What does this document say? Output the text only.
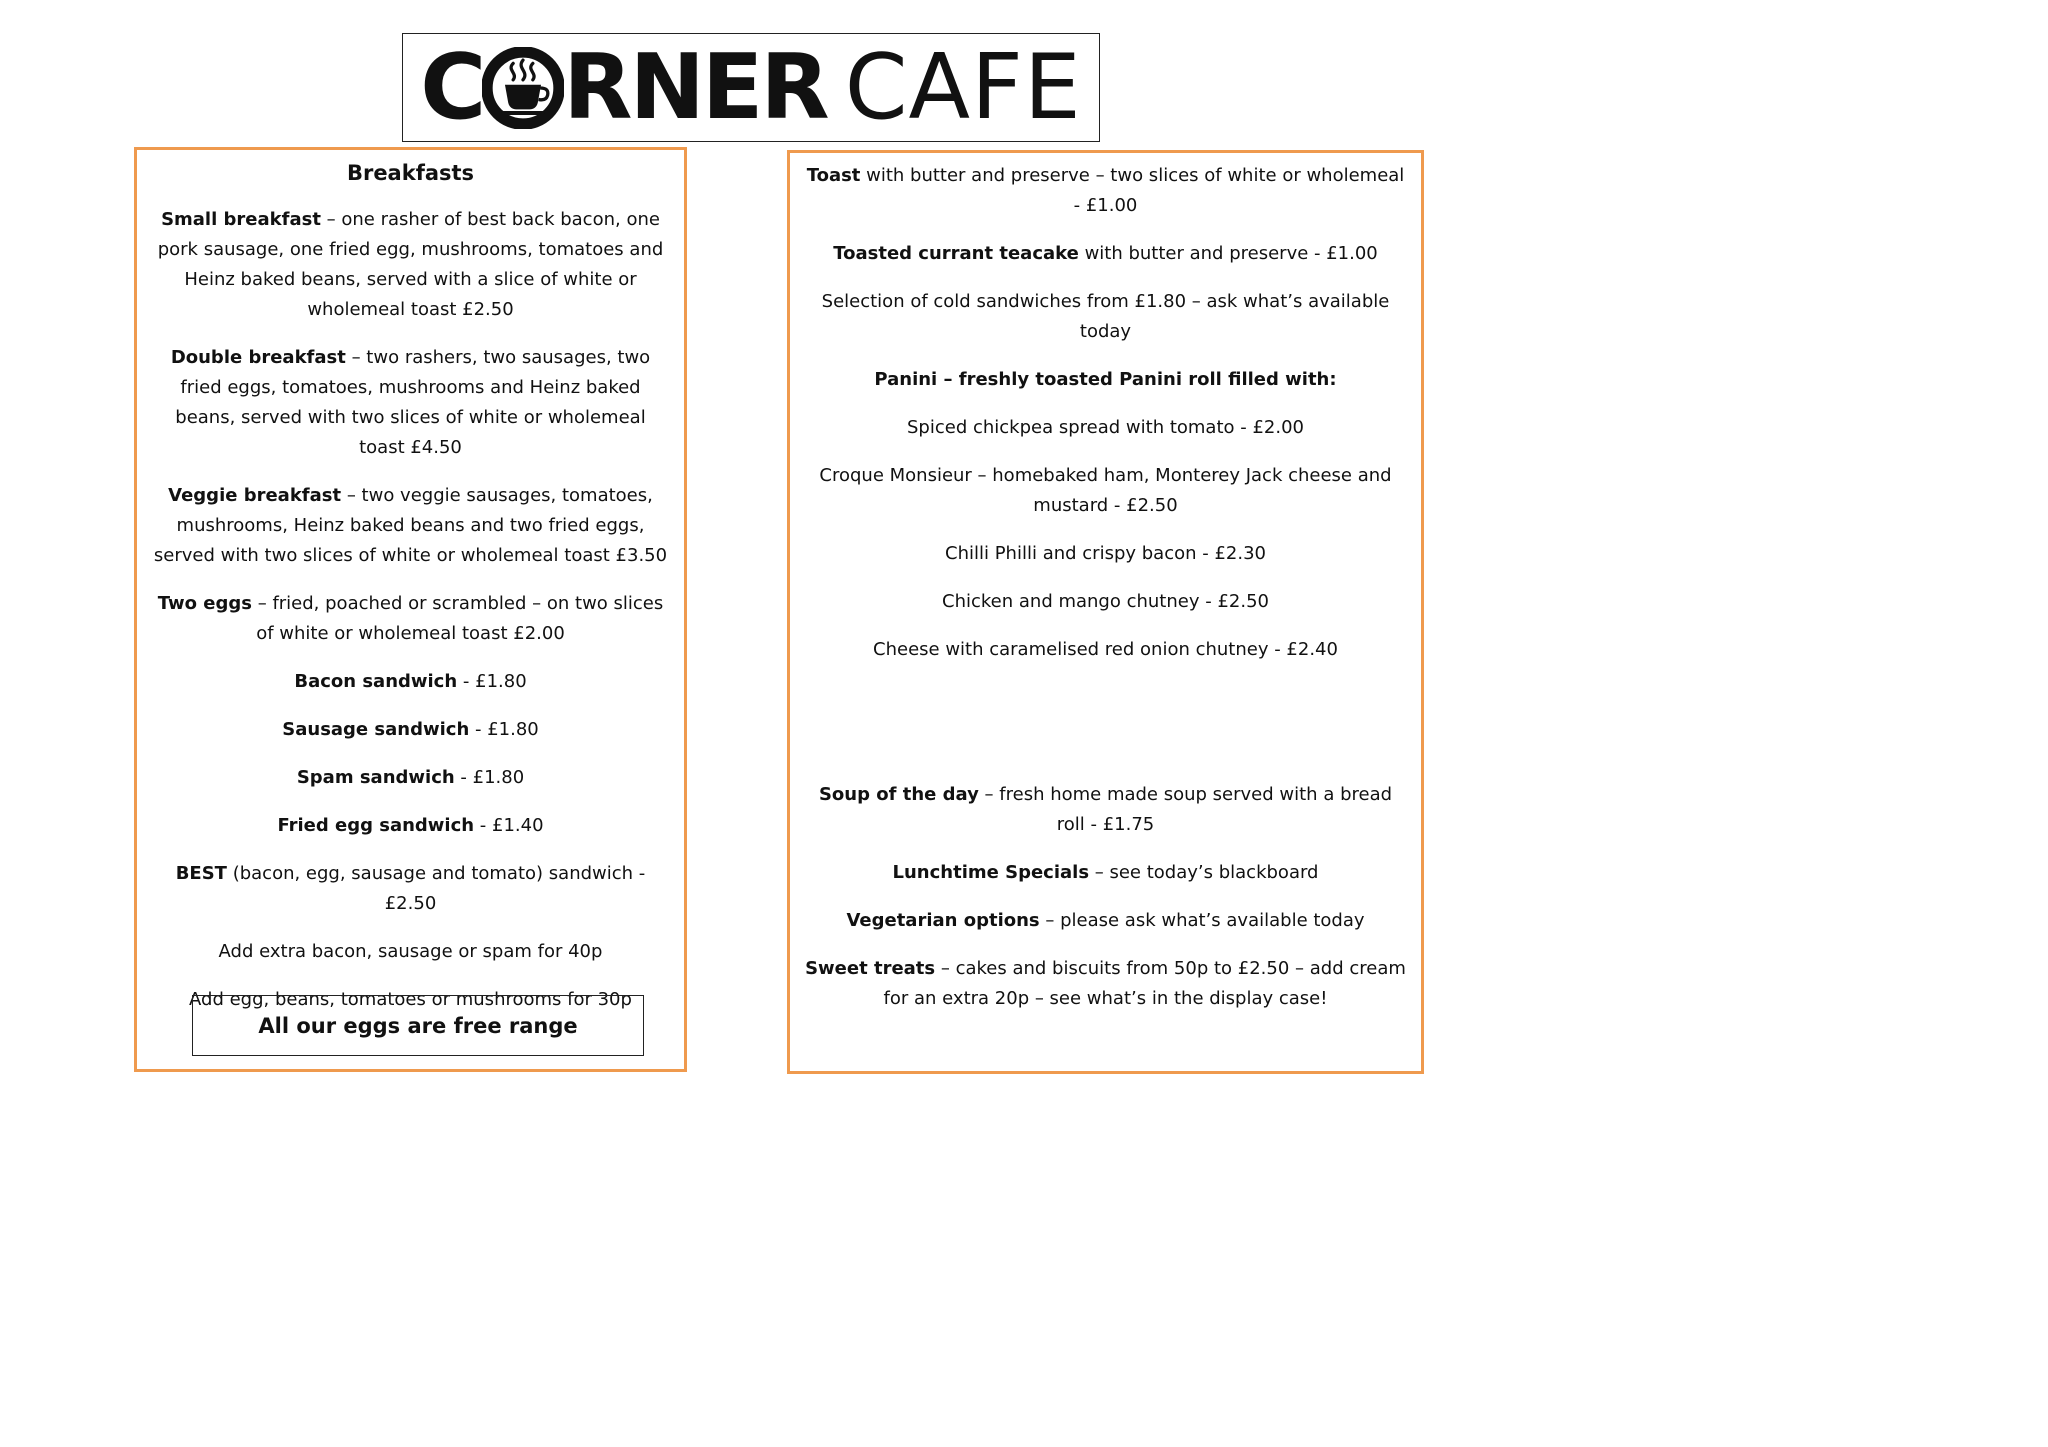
C RNER CAFE
Breakfasts
Small breakfast – one rasher of best back bacon, one pork sausage, one fried egg, mushrooms, tomatoes and Heinz baked beans, served with a slice of white or wholemeal toast £2.50
Double breakfast – two rashers, two sausages, two fried eggs, tomatoes, mushrooms and Heinz baked beans, served with two slices of white or wholemeal toast £4.50
Veggie breakfast – two veggie sausages, tomatoes, mushrooms, Heinz baked beans and two fried eggs, served with two slices of white or wholemeal toast £3.50
Two eggs – fried, poached or scrambled – on two slices of white or wholemeal toast £2.00
Bacon sandwich - £1.80
Sausage sandwich - £1.80
Spam sandwich - £1.80
Fried egg sandwich - £1.40
BEST (bacon, egg, sausage and tomato) sandwich - £2.50
Add extra bacon, sausage or spam for 40p
Add egg, beans, tomatoes or mushrooms for 30p
All our eggs are free range
Toast with butter and preserve – two slices of white or wholemeal - £1.00
Toasted currant teacake with butter and preserve - £1.00
Selection of cold sandwiches from £1.80 – ask what’s available today
Panini – freshly toasted Panini roll filled with:
Spiced chickpea spread with tomato - £2.00
Croque Monsieur – homebaked ham, Monterey Jack cheese and mustard - £2.50
Chilli Philli and crispy bacon - £2.30
Chicken and mango chutney - £2.50
Cheese with caramelised red onion chutney - £2.40
Soup of the day – fresh home made soup served with a bread roll - £1.75
Lunchtime Specials – see today’s blackboard
Vegetarian options – please ask what’s available today
Sweet treats – cakes and biscuits from 50p to £2.50 – add cream for an extra 20p – see what’s in the display case!
